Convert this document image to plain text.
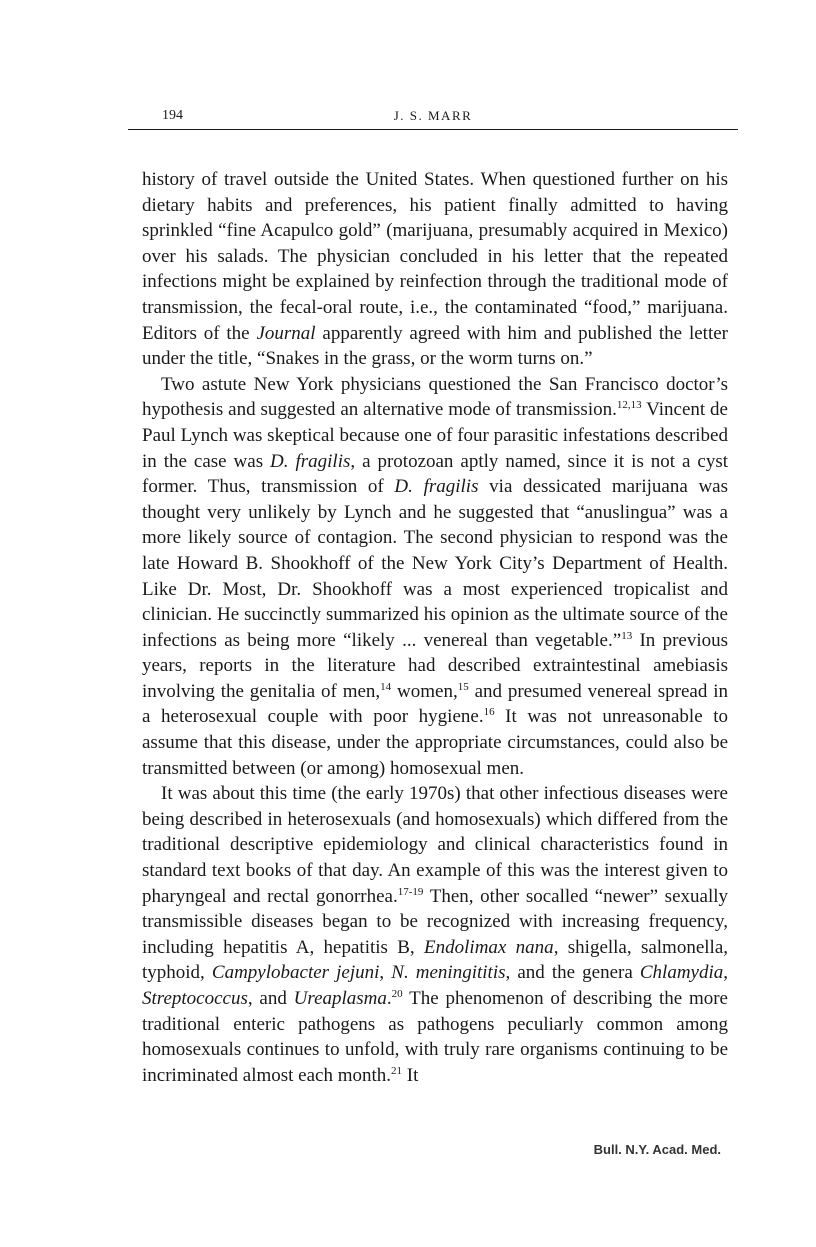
194	J. S. MARR

history of travel outside the United States. When questioned further on his dietary habits and preferences, his patient finally admitted to having sprinkled “fine Acapulco gold” (marijuana, presumably acquired in Mexico) over his salads. The physician concluded in his letter that the repeated infections might be explained by reinfection through the traditional mode of transmission, the fecal-oral route, i.e., the contaminated “food,” marijuana. Editors of the Journal apparently agreed with him and published the letter under the title, “Snakes in the grass, or the worm turns on.”

Two astute New York physicians questioned the San Francisco doctor’s hypothesis and suggested an alternative mode of transmission.$^{12,13}$ Vincent de Paul Lynch was skeptical because one of four parasitic infestations described in the case was D. fragilis, a protozoan aptly named, since it is not a cyst former. Thus, transmission of D. fragilis via dessicated marijuana was thought very unlikely by Lynch and he suggested that “anuslingua” was a more likely source of contagion. The second physician to respond was the late Howard B. Shookhoff of the New York City’s Department of Health. Like Dr. Most, Dr. Shookhoff was a most experienced tropicalist and clinician. He succinctly summarized his opinion as the ultimate source of the infections as being more “likely ... venereal than vegetable.”$^{13}$ In previous years, reports in the literature had described extraintestinal amebiasis involving the genitalia of men,$^{14}$ women,$^{15}$ and presumed venereal spread in a heterosexual couple with poor hygiene.$^{16}$ It was not unreasonable to assume that this disease, under the appropriate circumstances, could also be transmitted between (or among) homosexual men.

It was about this time (the early 1970s) that other infectious diseases were being described in heterosexuals (and homosexuals) which differed from the traditional descriptive epidemiology and clinical characteristics found in standard text books of that day. An example of this was the interest given to pharyngeal and rectal gonorrhea.$^{17-19}$ Then, other socalled “newer” sexually transmissible diseases began to be recognized with increasing frequency, including hepatitis A, hepatitis B, Endolimax nana, shigella, salmonella, typhoid, Campylobacter jejuni, N. meningititis, and the genera Chlamydia, Streptococcus, and Ureaplasma.$^{20}$ The phenomenon of describing the more traditional enteric pathogens as pathogens peculiarly common among homosexuals continues to unfold, with truly rare organisms continuing to be incriminated almost each month.$^{21}$ It

Bull. N.Y. Acad. Med.
